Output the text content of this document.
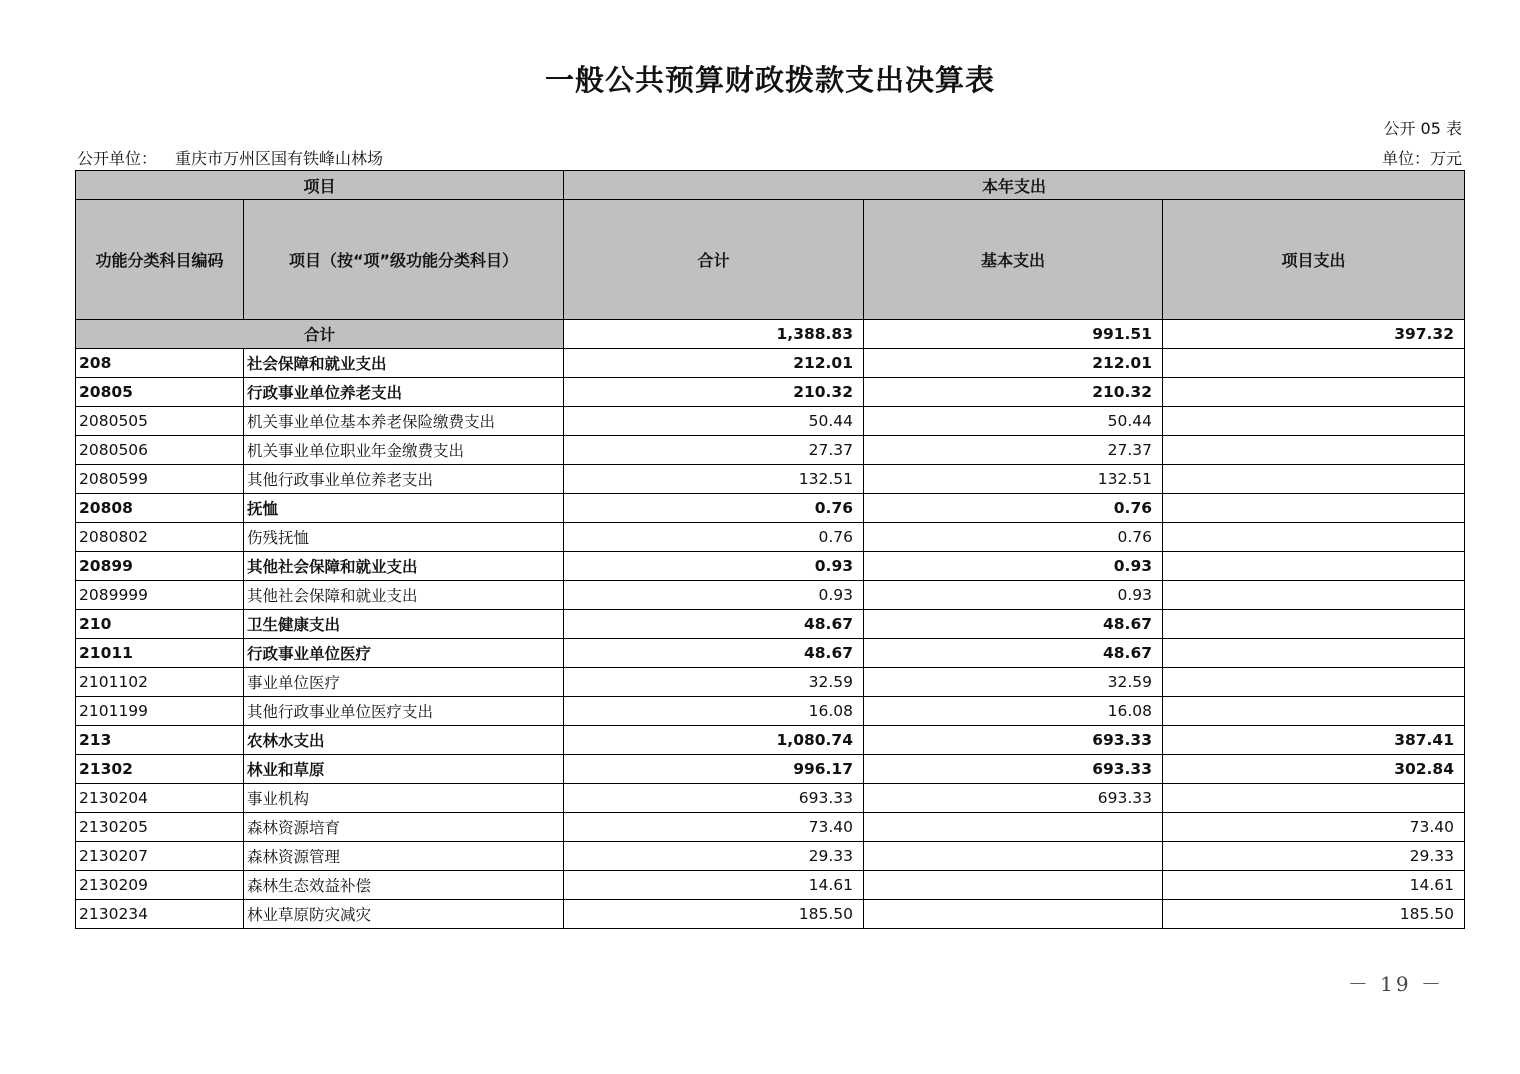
一般公共预算财政拨款支出决算表
公开 05 表
公开单位： 重庆市万州区国有铁峰山林场	单位：万元
项目		本年支出		
功能分类科目编码	项目（按“项”级功能分类科目）	合计	基本支出	项目支出
合计		1,388.83	991.51	397.32
208	社会保障和就业支出	212.01	212.01	
20805	行政事业单位养老支出	210.32	210.32	
2080505	机关事业单位基本养老保险缴费支出	50.44	50.44	
2080506	机关事业单位职业年金缴费支出	27.37	27.37	
2080599	其他行政事业单位养老支出	132.51	132.51	
20808	抚恤	0.76	0.76	
2080802	伤残抚恤	0.76	0.76	
20899	其他社会保障和就业支出	0.93	0.93	
2089999	其他社会保障和就业支出	0.93	0.93	
210	卫生健康支出	48.67	48.67	
21011	行政事业单位医疗	48.67	48.67	
2101102	事业单位医疗	32.59	32.59	
2101199	其他行政事业单位医疗支出	16.08	16.08	
213	农林水支出	1,080.74	693.33	387.41
21302	林业和草原	996.17	693.33	302.84
2130204	事业机构	693.33	693.33	
2130205	森林资源培育	73.40		73.40
2130207	森林资源管理	29.33		29.33
2130209	森林生态效益补偿	14.61		14.61
2130234	林业草原防灾减灾	185.50		185.50
－ 19 －
